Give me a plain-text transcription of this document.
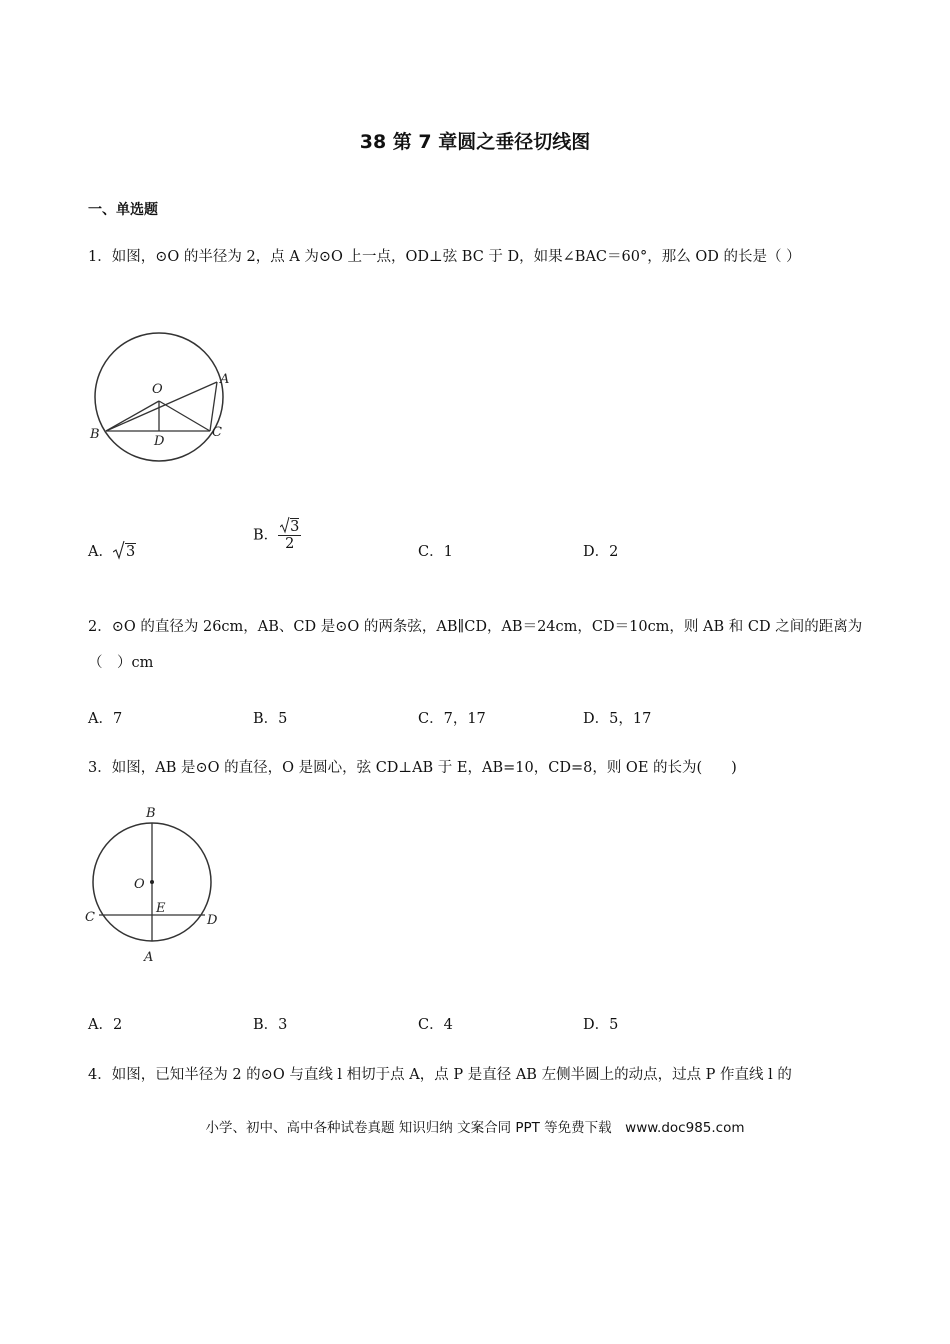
38 第 7 章圆之垂径切线图
一、单选题
1．如图，⊙O 的半径为 2，点 A 为⊙O 上一点，OD⊥弦 BC 于 D，如果∠BAC＝60°，那么 OD 的长是（ ）
O
A
B	D
C
A． 3
B． $\frac{3}{2}$	C．1	D．2
2．⊙O 的直径为 26cm，AB、CD 是⊙O 的两条弦，AB∥CD，AB＝24cm，CD＝10cm，则 AB 和 CD 之间的距离为（　）cm
A．7	B．5	C．7，17	D．5，17
3．如图，AB 是⊙O 的直径，O 是圆心，弦 CD⊥AB 于 E，AB=10，CD=8，则 OE 的长为(　　)
B
O
C
E
D
A
A．2	B．3	C．4	D．5
4．如图，已知半径为 2 的⊙O 与直线 l 相切于点 A，点 P 是直径 AB 左侧半圆上的动点，过点 P 作直线 l 的
小学、初中、高中各种试卷真题 知识归纳 文案合同 PPT 等免费下载　www.doc985.com
